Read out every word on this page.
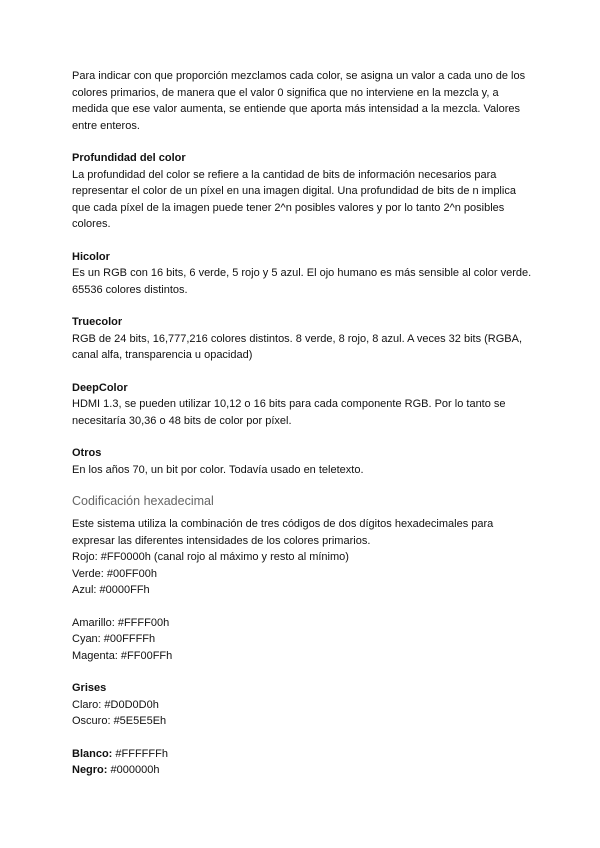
Para indicar con que proporción mezclamos cada color, se asigna un valor a cada uno de los colores primarios, de manera que el valor 0 significa que no interviene en la mezcla y, a medida que ese valor aumenta, se entiende que aporta más intensidad a la mezcla. Valores entre enteros.

Profundidad del color

La profundidad del color se refiere a la cantidad de bits de información necesarios para representar el color de un píxel en una imagen digital. Una profundidad de bits de n implica que cada píxel de la imagen puede tener 2^n posibles valores y por lo tanto 2^n posibles colores.

Hicolor

Es un RGB con 16 bits, 6 verde, 5 rojo y 5 azul. El ojo humano es más sensible al color verde. 65536 colores distintos.

Truecolor

RGB de 24 bits, 16,777,216 colores distintos. 8 verde, 8 rojo, 8 azul. A veces 32 bits (RGBA, canal alfa, transparencia u opacidad)

DeepColor

HDMI 1.3, se pueden utilizar 10,12 o 16 bits para cada componente RGB. Por lo tanto se necesitaría 30,36 o 48 bits de color por píxel.

Otros

En los años 70, un bit por color. Todavía usado en teletexto.

Codificación hexadecimal

Este sistema utiliza la combinación de tres códigos de dos dígitos hexadecimales para expresar las diferentes intensidades de los colores primarios.

Rojo: #FF0000h (canal rojo al máximo y resto al mínimo)

Verde: #00FF00h

Azul: #0000FFh

Amarillo: #FFFF00h

Cyan: #00FFFFh

Magenta: #FF00FFh

Grises

Claro: #D0D0D0h

Oscuro: #5E5E5Eh

Blanco: #FFFFFFh

Negro: #000000h
